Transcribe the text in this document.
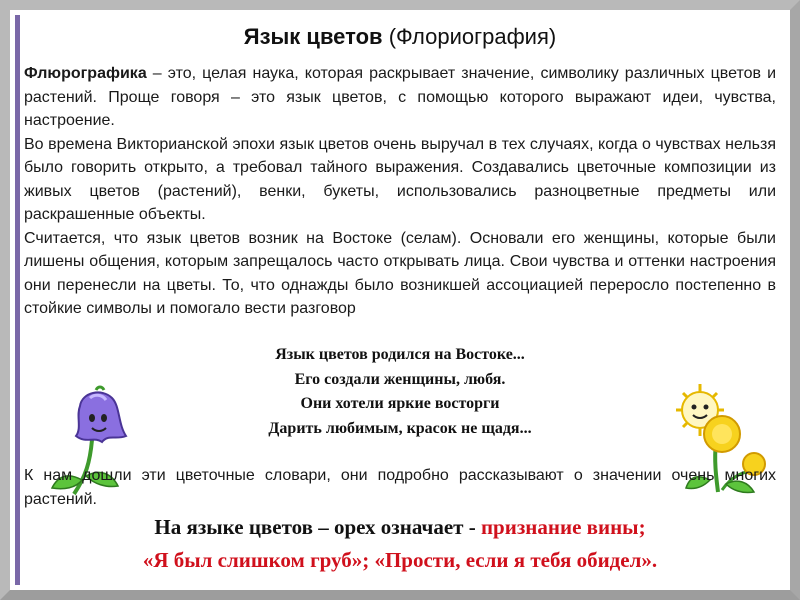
Язык цветов (Флориография)

Флюрографика – это, целая наука, которая раскрывает значение, символику различных цветов и растений. Проще говоря – это язык цветов, с помощью которого выражают идеи, чувства, настроение.

Во времена Викторианской эпохи язык цветов очень выручал в тех случаях, когда о чувствах нельзя было говорить открыто, а требовал тайного выражения. Создавались цветочные композиции из живых цветов (растений), венки, букеты, использовались разноцветные предметы или раскрашенные объекты.

Считается, что язык цветов возник на Востоке (селам). Основали его женщины, которые были лишены общения, которым запрещалось часто открывать лица. Свои чувства и оттенки настроения они перенесли на цветы. То, что однажды было возникшей ассоциацией переросло постепенно в стойкие символы и помогало вести разговор

Язык цветов родился на Востоке...
Его создали женщины, любя.
Они хотели яркие восторги
Дарить любимым, красок не щадя...

К нам дошли эти цветочные словари, они подробно рассказывают о значении очень многих растений.

На языке цветов – орех означает - признание вины;
«Я был слишком груб»; «Прости, если я тебя обидел».
